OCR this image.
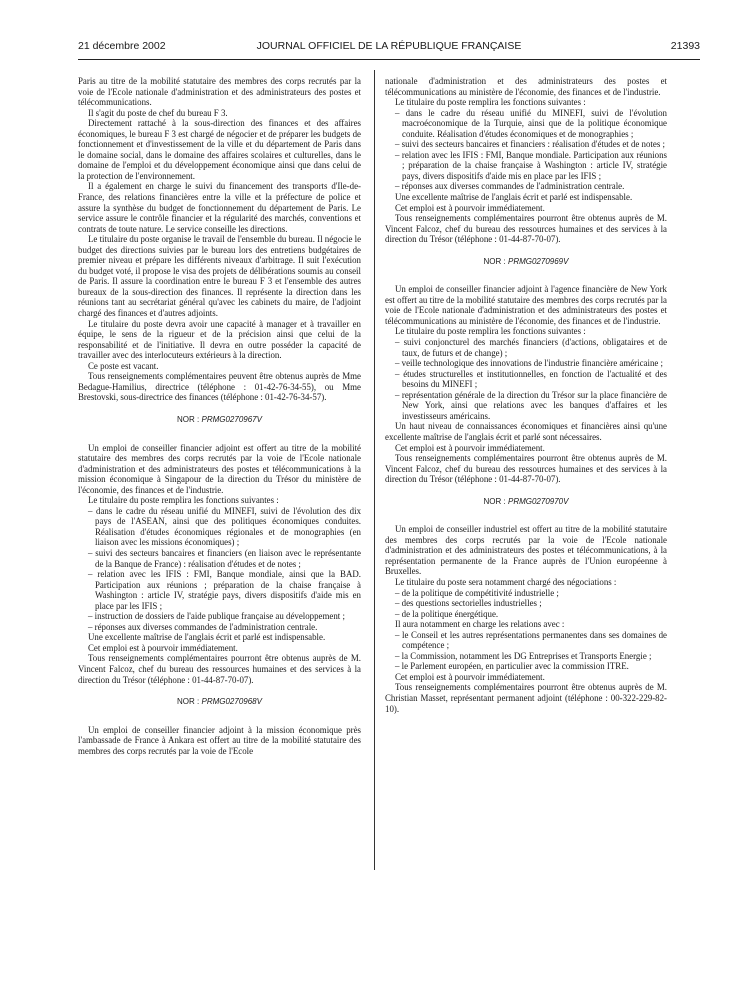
21 décembre 2002	JOURNAL OFFICIEL DE LA RÉPUBLIQUE FRANÇAISE	21393

Paris au titre de la mobilité statutaire des membres des corps recrutés par la voie de l'Ecole nationale d'administration et des administrateurs des postes et télécommunications.

Il s'agit du poste de chef du bureau F 3.

Directement rattaché à la sous-direction des finances et des affaires économiques, le bureau F 3 est chargé de négocier et de préparer les budgets de fonctionnement et d'investissement de la ville et du département de Paris dans le domaine social, dans le domaine des affaires scolaires et culturelles, dans le domaine de l'emploi et du développement économique ainsi que dans celui de la protection de l'environnement.

Il a également en charge le suivi du financement des transports d'Ile-de-France, des relations financières entre la ville et la préfecture de police et assure la synthèse du budget de fonctionnement du département de Paris. Le service assure le contrôle financier et la régularité des marchés, conventions et contrats de toute nature. Le service conseille les directions.

Le titulaire du poste organise le travail de l'ensemble du bureau. Il négocie le budget des directions suivies par le bureau lors des entretiens budgétaires de premier niveau et prépare les différents niveaux d'arbitrage. Il suit l'exécution du budget voté, il propose le visa des projets de délibérations soumis au conseil de Paris. Il assure la coordination entre le bureau F 3 et l'ensemble des autres bureaux de la sous-direction des finances. Il représente la direction dans les réunions tant au secrétariat général qu'avec les cabinets du maire, de l'adjoint chargé des finances et d'autres adjoints.

Le titulaire du poste devra avoir une capacité à manager et à travailler en équipe, le sens de la rigueur et de la précision ainsi que celui de la responsabilité et de l'initiative. Il devra en outre posséder la capacité de travailler avec des interlocuteurs extérieurs à la direction.

Ce poste est vacant.

Tous renseignements complémentaires peuvent être obtenus auprès de Mme Bedague-Hamilius, directrice (téléphone : 01-42-76-34-55), ou Mme Brestovski, sous-directrice des finances (téléphone : 01-42-76-34-57).

NOR : PRMG0270967V

Un emploi de conseiller financier adjoint est offert au titre de la mobilité statutaire des membres des corps recrutés par la voie de l'Ecole nationale d'administration et des administrateurs des postes et télécommunications à la mission économique à Singapour de la direction du Trésor du ministère de l'économie, des finances et de l'industrie.

Le titulaire du poste remplira les fonctions suivantes :

– dans le cadre du réseau unifié du MINEFI, suivi de l'évolution des dix pays de l'ASEAN, ainsi que des politiques économiques conduites. Réalisation d'études économiques régionales et de monographies (en liaison avec les missions économiques) ;
– suivi des secteurs bancaires et financiers (en liaison avec le représentante de la Banque de France) : réalisation d'études et de notes ;
– relation avec les IFIS : FMI, Banque mondiale, ainsi que la BAD. Participation aux réunions ; préparation de la chaise française à Washington : article IV, stratégie pays, divers dispositifs d'aide mis en place par les IFIS ;
– instruction de dossiers de l'aide publique française au développement ;
– réponses aux diverses commandes de l'administration centrale.

Une excellente maîtrise de l'anglais écrit et parlé est indispensable.

Cet emploi est à pourvoir immédiatement.

Tous renseignements complémentaires pourront être obtenus auprès de M. Vincent Falcoz, chef du bureau des ressources humaines et des services à la direction du Trésor (téléphone : 01-44-87-70-07).

NOR : PRMG0270968V

Un emploi de conseiller financier adjoint à la mission économique près l'ambassade de France à Ankara est offert au titre de la mobilité statutaire des membres des corps recrutés par la voie de l'Ecole

nationale d'administration et des administrateurs des postes et télécommunications au ministère de l'économie, des finances et de l'industrie.

Le titulaire du poste remplira les fonctions suivantes :

– dans le cadre du réseau unifié du MINEFI, suivi de l'évolution macroéconomique de la Turquie, ainsi que de la politique économique conduite. Réalisation d'études économiques et de monographies ;
– suivi des secteurs bancaires et financiers : réalisation d'études et de notes ;
– relation avec les IFIS : FMI, Banque mondiale. Participation aux réunions ; préparation de la chaise française à Washington : article IV, stratégie pays, divers dispositifs d'aide mis en place par les IFIS ;
– réponses aux diverses commandes de l'administration centrale.

Une excellente maîtrise de l'anglais écrit et parlé est indispensable.

Cet emploi est à pourvoir immédiatement.

Tous renseignements complémentaires pourront être obtenus auprès de M. Vincent Falcoz, chef du bureau des ressources humaines et des services à la direction du Trésor (téléphone : 01-44-87-70-07).

NOR : PRMG0270969V

Un emploi de conseiller financier adjoint à l'agence financière de New York est offert au titre de la mobilité statutaire des membres des corps recrutés par la voie de l'Ecole nationale d'administration et des administrateurs des postes et télécommunications au ministère de l'économie, des finances et de l'industrie.

Le titulaire du poste remplira les fonctions suivantes :

– suivi conjoncturel des marchés financiers (d'actions, obligataires et de taux, de futurs et de change) ;
– veille technologique des innovations de l'industrie financière américaine ;
– études structurelles et institutionnelles, en fonction de l'actualité et des besoins du MINEFI ;
– représentation générale de la direction du Trésor sur la place financière de New York, ainsi que relations avec les banques d'affaires et les investisseurs américains.

Un haut niveau de connaissances économiques et financières ainsi qu'une excellente maîtrise de l'anglais écrit et parlé sont nécessaires.

Cet emploi est à pourvoir immédiatement.

Tous renseignements complémentaires pourront être obtenus auprès de M. Vincent Falcoz, chef du bureau des ressources humaines et des services à la direction du Trésor (téléphone : 01-44-87-70-07).

NOR : PRMG0270970V

Un emploi de conseiller industriel est offert au titre de la mobilité statutaire des membres des corps recrutés par la voie de l'Ecole nationale d'administration et des administrateurs des postes et télécommunications, à la représentation permanente de la France auprès de l'Union européenne à Bruxelles.

Le titulaire du poste sera notamment chargé des négociations :

– de la politique de compétitivité industrielle ;
– des questions sectorielles industrielles ;
– de la politique énergétique.

Il aura notamment en charge les relations avec :

– le Conseil et les autres représentations permanentes dans ses domaines de compétence ;
– la Commission, notamment les DG Entreprises et Transports Energie ;
– le Parlement européen, en particulier avec la commission ITRE.

Cet emploi est à pourvoir immédiatement.

Tous renseignements complémentaires pourront être obtenus auprès de M. Christian Masset, représentant permanent adjoint (téléphone : 00-322-229-82-10).
